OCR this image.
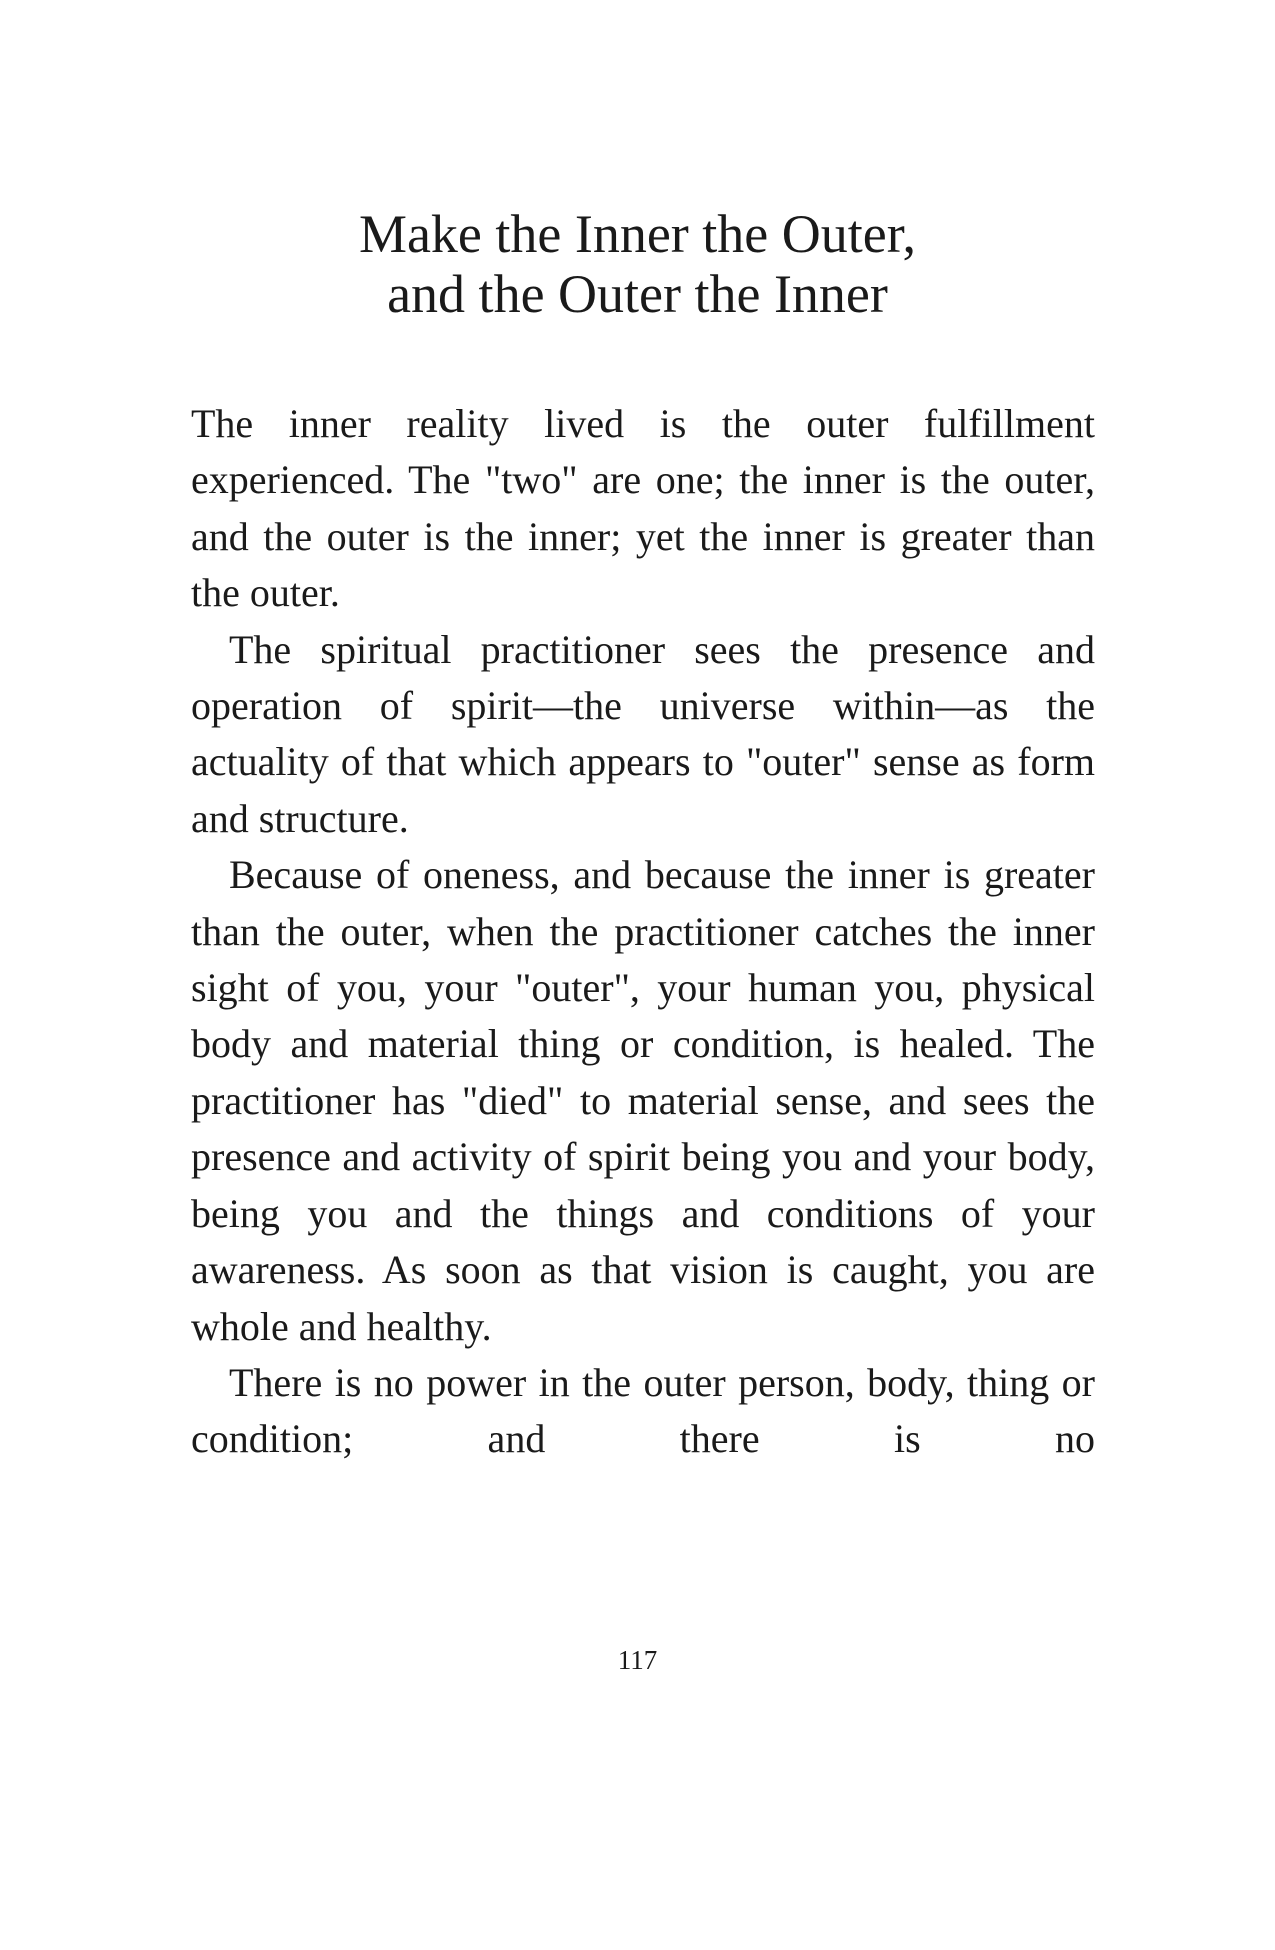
Make the Inner the Outer,
and the Outer the Inner

The inner reality lived is the outer fulfillment experienced. The "two" are one; the inner is the outer, and the outer is the inner; yet the inner is greater than the outer.

The spiritual practitioner sees the presence and operation of spirit—the universe within—as the actuality of that which appears to "outer" sense as form and structure.

Because of oneness, and because the inner is greater than the outer, when the practitioner catches the inner sight of you, your "outer", your human you, physical body and material thing or condition, is healed. The practitioner has "died" to material sense, and sees the presence and activity of spirit being you and your body, being you and the things and conditions of your awareness. As soon as that vision is caught, you are whole and healthy.

There is no power in the outer person, body, thing or condition; and there is no

117
